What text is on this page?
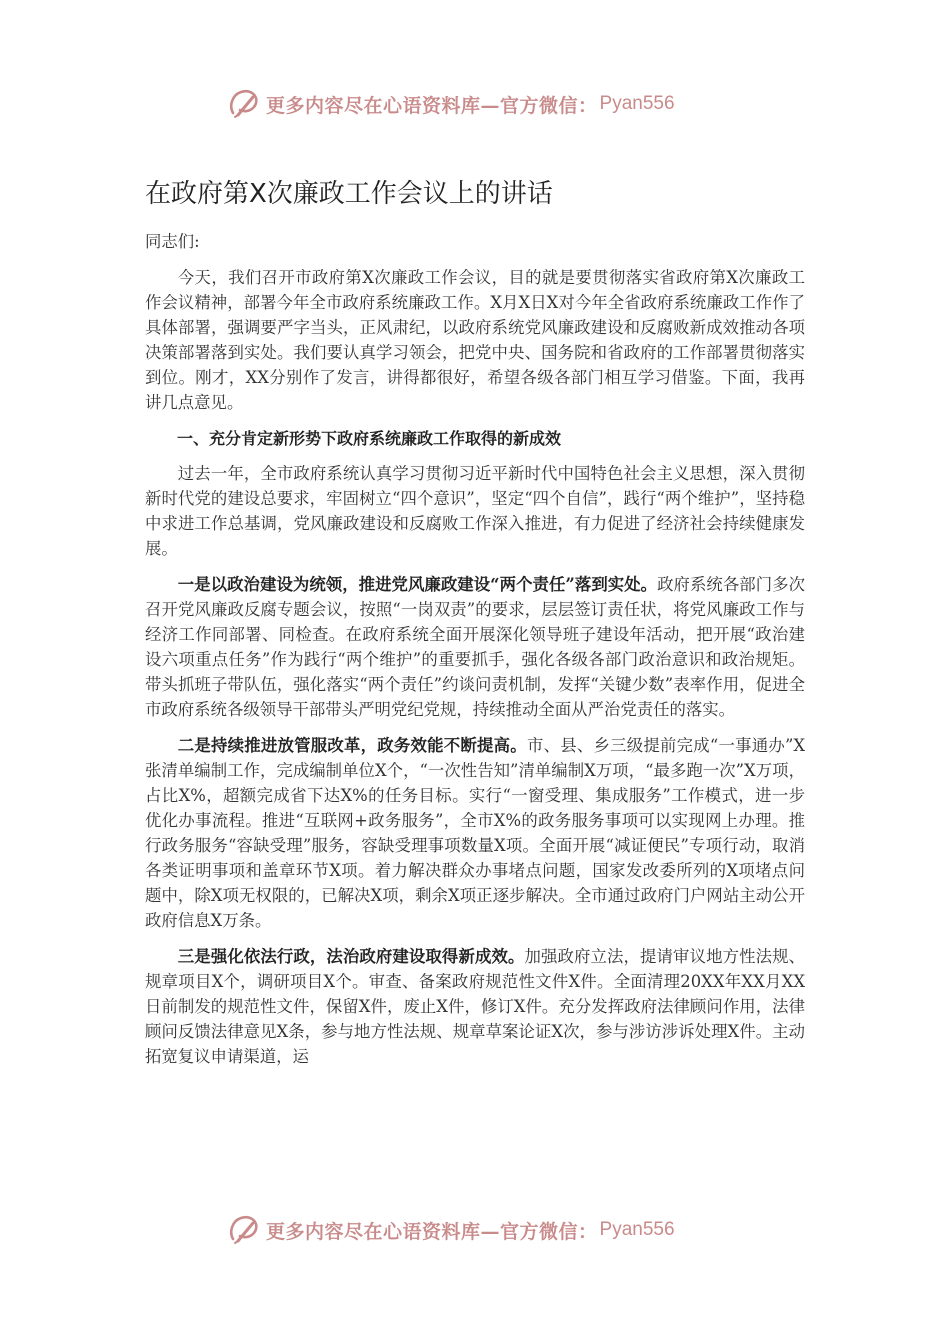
更多内容尽在心语资料库—官方微信： Pyan556
在政府第X次廉政工作会议上的讲话

同志们:

今天，我们召开市政府第X次廉政工作会议，目的就是要贯彻落实省政府第X次廉政工作会议精神，部署今年全市政府系统廉政工作。X月X日X对今年全省政府系统廉政工作作了具体部署，强调要严字当头，正风肃纪，以政府系统党风廉政建设和反腐败新成效推动各项决策部署落到实处。我们要认真学习领会，把党中央、国务院和省政府的工作部署贯彻落实到位。刚才，XX分别作了发言，讲得都很好，希望各级各部门相互学习借鉴。下面，我再讲几点意见。

一、充分肯定新形势下政府系统廉政工作取得的新成效

过去一年，全市政府系统认真学习贯彻习近平新时代中国特色社会主义思想，深入贯彻新时代党的建设总要求，牢固树立“四个意识”，坚定“四个自信”，践行“两个维护”，坚持稳中求进工作总基调，党风廉政建设和反腐败工作深入推进，有力促进了经济社会持续健康发展。

一是以政治建设为统领，推进党风廉政建设“两个责任”落到实处。政府系统各部门多次召开党风廉政反腐专题会议，按照“一岗双责”的要求，层层签订责任状，将党风廉政工作与经济工作同部署、同检查。在政府系统全面开展深化领导班子建设年活动，把开展“政治建设六项重点任务”作为践行“两个维护”的重要抓手，强化各级各部门政治意识和政治规矩。带头抓班子带队伍，强化落实“两个责任”约谈问责机制，发挥“关键少数”表率作用，促进全市政府系统各级领导干部带头严明党纪党规，持续推动全面从严治党责任的落实。

二是持续推进放管服改革，政务效能不断提高。市、县、乡三级提前完成“一事通办”X张清单编制工作，完成编制单位X个，“一次性告知”清单编制X万项，“最多跑一次”X万项，占比X%，超额完成省下达X%的任务目标。实行“一窗受理、集成服务”工作模式，进一步优化办事流程。推进“互联网+政务服务”，全市X%的政务服务事项可以实现网上办理。推行政务服务“容缺受理”服务，容缺受理事项数量X项。全面开展“减证便民”专项行动，取消各类证明事项和盖章环节X项。着力解决群众办事堵点问题，国家发改委所列的X项堵点问题中，除X项无权限的，已解决X项，剩余X项正逐步解决。全市通过政府门户网站主动公开政府信息X万条。

三是强化依法行政，法治政府建设取得新成效。加强政府立法，提请审议地方性法规、规章项目X个，调研项目X个。审查、备案政府规范性文件X件。全面清理20XX年XX月XX日前制发的规范性文件，保留X件，废止X件，修订X件。充分发挥政府法律顾问作用，法律顾问反馈法律意见X条，参与地方性法规、规章草案论证X次，参与涉访涉诉处理X件。主动拓宽复议申请渠道，运

更多内容尽在心语资料库—官方微信： Pyan556
